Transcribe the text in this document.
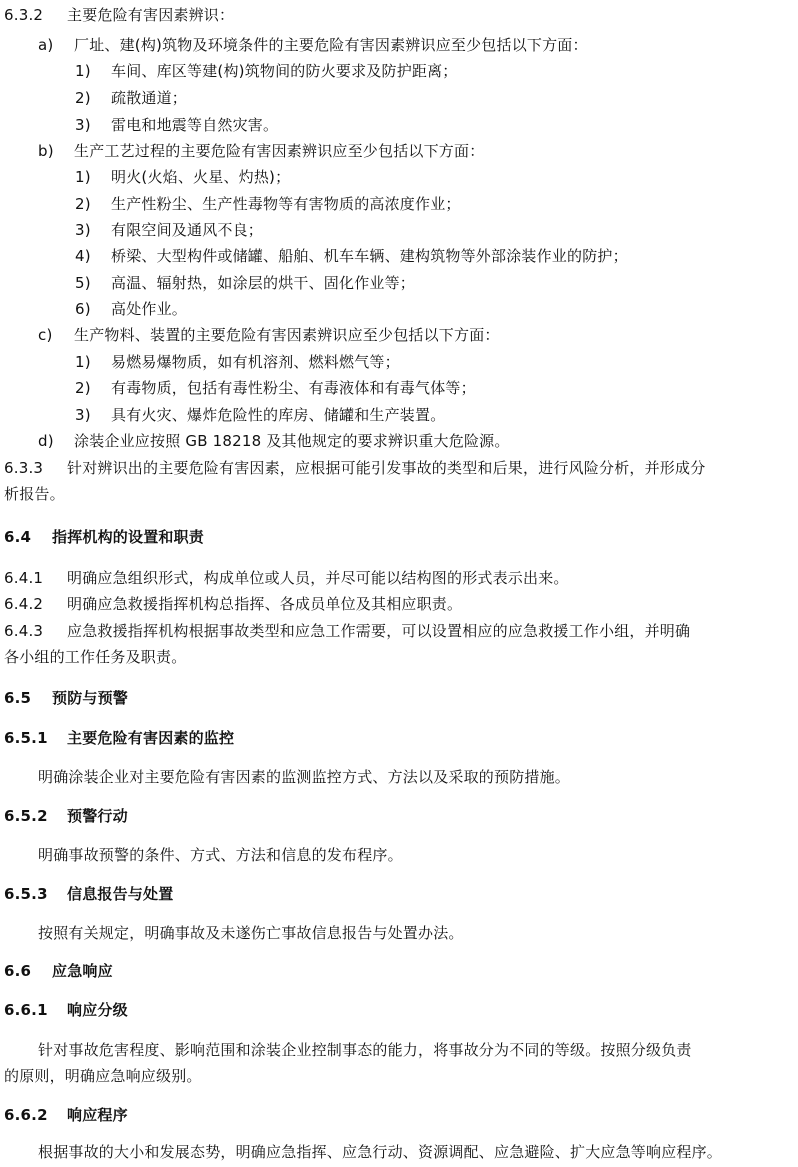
6.3.2 主要危险有害因素辨识：
a) 厂址、建(构)筑物及环境条件的主要危险有害因素辨识应至少包括以下方面：
1) 车间、库区等建(构)筑物间的防火要求及防护距离；
2) 疏散通道；
3) 雷电和地震等自然灾害。
b) 生产工艺过程的主要危险有害因素辨识应至少包括以下方面：
1) 明火(火焰、火星、灼热)；
2) 生产性粉尘、生产性毒物等有害物质的高浓度作业；
3) 有限空间及通风不良；
4) 桥梁、大型构件或储罐、船舶、机车车辆、建构筑物等外部涂装作业的防护；
5) 高温、辐射热，如涂层的烘干、固化作业等；
6) 高处作业。
c) 生产物料、装置的主要危险有害因素辨识应至少包括以下方面：
1) 易燃易爆物质，如有机溶剂、燃料燃气等；
2) 有毒物质，包括有毒性粉尘、有毒液体和有毒气体等；
3) 具有火灾、爆炸危险性的库房、储罐和生产装置。
d) 涂装企业应按照 GB 18218 及其他规定的要求辨识重大危险源。
6.3.3 针对辨识出的主要危险有害因素，应根据可能引发事故的类型和后果，进行风险分析，并形成分
析报告。
6.4 指挥机构的设置和职责
6.4.1 明确应急组织形式，构成单位或人员，并尽可能以结构图的形式表示出来。
6.4.2 明确应急救援指挥机构总指挥、各成员单位及其相应职责。
6.4.3 应急救援指挥机构根据事故类型和应急工作需要，可以设置相应的应急救援工作小组，并明确
各小组的工作任务及职责。
6.5 预防与预警
6.5.1 主要危险有害因素的监控
明确涂装企业对主要危险有害因素的监测监控方式、方法以及采取的预防措施。
6.5.2 预警行动
明确事故预警的条件、方式、方法和信息的发布程序。
6.5.3 信息报告与处置
按照有关规定，明确事故及未遂伤亡事故信息报告与处置办法。
6.6 应急响应
6.6.1 响应分级
针对事故危害程度、影响范围和涂装企业控制事态的能力，将事故分为不同的等级。按照分级负责
的原则，明确应急响应级别。
6.6.2 响应程序
根据事故的大小和发展态势，明确应急指挥、应急行动、资源调配、应急避险、扩大应急等响应程序。
